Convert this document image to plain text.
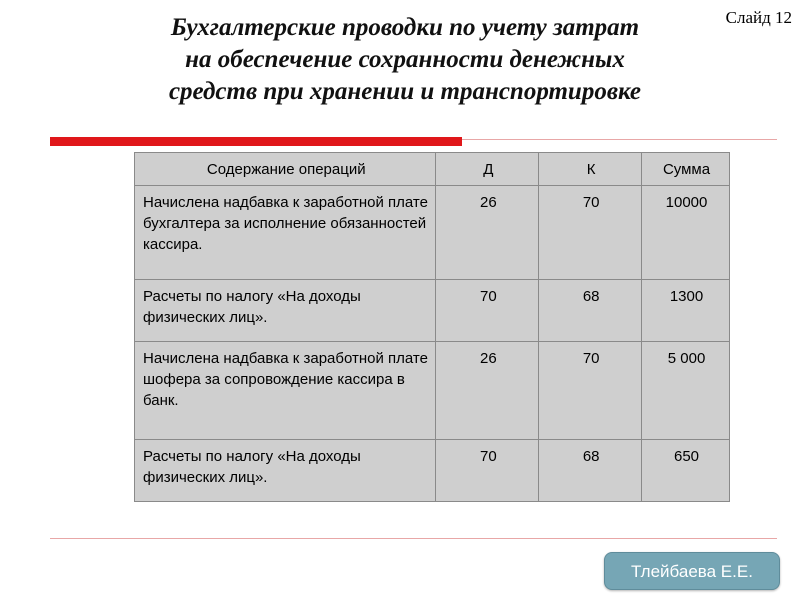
Слайд 12
Бухгалтерские проводки по учету затрат
на обеспечение сохранности денежных
средств при хранении и транспортировке
Содержание операций	Д	К	Сумма
Начислена надбавка к заработной плате бухгалтера за исполнение обязанностей кассира.	26	70	10000
Расчеты по налогу «На доходы физических лиц».	70	68	1300
Начислена надбавка к заработной плате шофера за сопровождение кассира в банк.	26	70	5 000
Расчеты по налогу «На доходы физических лиц».	70	68	650
Тлейбаева Е.Е.
